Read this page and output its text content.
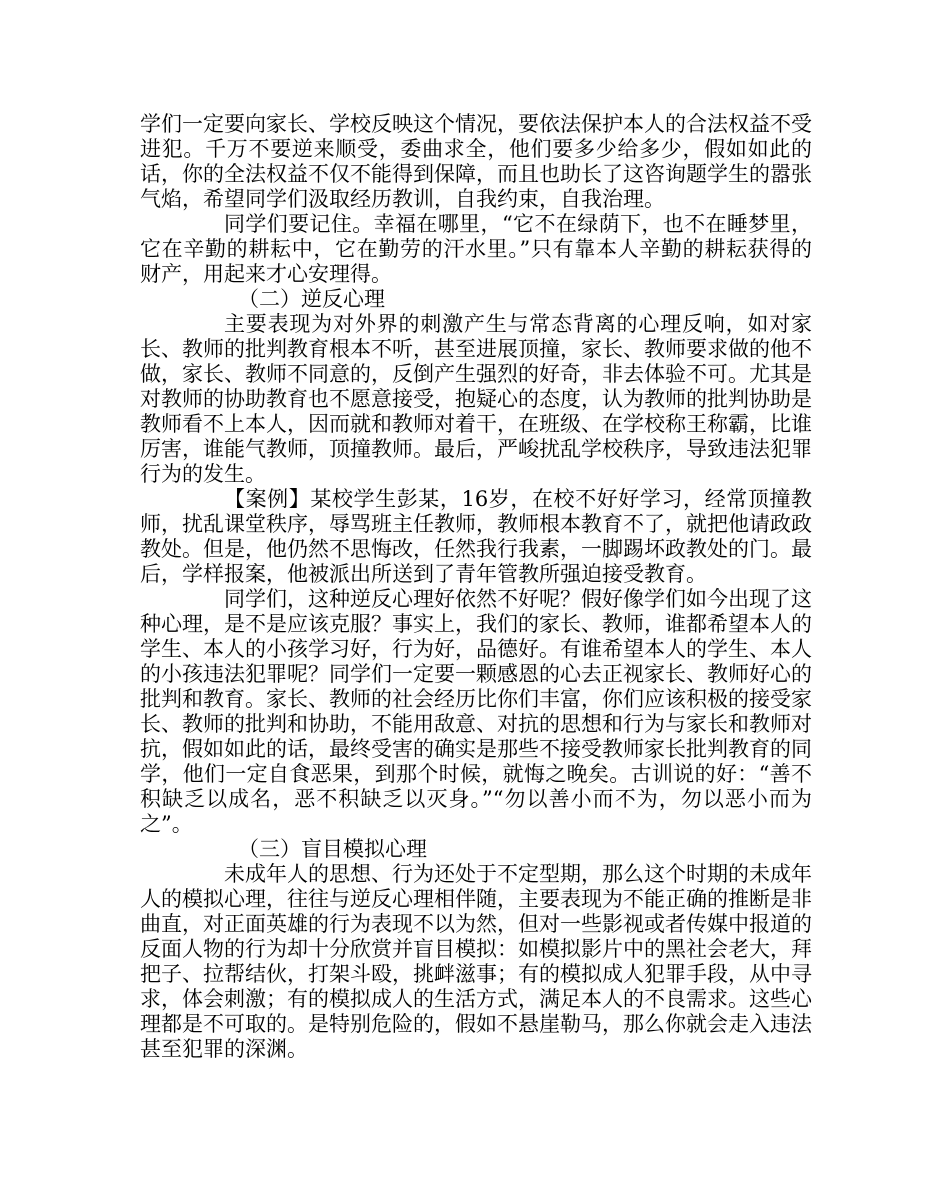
学们一定要向家长、学校反映这个情况，要依法保护本人的合法权益不受进犯。千万不要逆来顺受，委曲求全，他们要多少给多少，假如如此的话，你的全法权益不仅不能得到保障，而且也助长了这咨询题学生的嚣张气焰，希望同学们汲取经历教训，自我约束，自我治理。

同学们要记住。幸福在哪里，“它不在绿荫下，也不在睡梦里，它在辛勤的耕耘中，它在勤劳的汗水里。”只有靠本人辛勤的耕耘获得的财产，用起来才心安理得。

（二）逆反心理

主要表现为对外界的刺激产生与常态背离的心理反响，如对家长、教师的批判教育根本不听，甚至进展顶撞，家长、教师要求做的他不做，家长、教师不同意的，反倒产生强烈的好奇，非去体验不可。尤其是对教师的协助教育也不愿意接受，抱疑心的态度，认为教师的批判协助是教师看不上本人，因而就和教师对着干，在班级、在学校称王称霸，比谁厉害，谁能气教师，顶撞教师。最后，严峻扰乱学校秩序，导致违法犯罪行为的发生。

【案例】某校学生彭某，16岁，在校不好好学习，经常顶撞教师，扰乱课堂秩序，辱骂班主任教师，教师根本教育不了，就把他请政政教处。但是，他仍然不思悔改，任然我行我素，一脚踢坏政教处的门。最后，学样报案，他被派出所送到了青年管教所强迫接受教育。

同学们，这种逆反心理好依然不好呢？假好像学们如今出现了这种心理，是不是应该克服？事实上，我们的家长、教师，谁都希望本人的学生、本人的小孩学习好，行为好，品德好。有谁希望本人的学生、本人的小孩违法犯罪呢？同学们一定要一颗感恩的心去正视家长、教师好心的批判和教育。家长、教师的社会经历比你们丰富，你们应该积极的接受家长、教师的批判和协助，不能用敌意、对抗的思想和行为与家长和教师对抗，假如如此的话，最终受害的确实是那些不接受教师家长批判教育的同学，他们一定自食恶果，到那个时候，就悔之晚矣。古训说的好：“善不积缺乏以成名，恶不积缺乏以灭身。”“勿以善小而不为，勿以恶小而为之”。

（三）盲目模拟心理

未成年人的思想、行为还处于不定型期，那么这个时期的未成年人的模拟心理，往往与逆反心理相伴随，主要表现为不能正确的推断是非曲直，对正面英雄的行为表现不以为然，但对一些影视或者传媒中报道的反面人物的行为却十分欣赏并盲目模拟：如模拟影片中的黑社会老大，拜把子、拉帮结伙，打架斗殴，挑衅滋事；有的模拟成人犯罪手段，从中寻求，体会刺激；有的模拟成人的生活方式，满足本人的不良需求。这些心理都是不可取的。是特别危险的，假如不悬崖勒马，那么你就会走入违法甚至犯罪的深渊。
